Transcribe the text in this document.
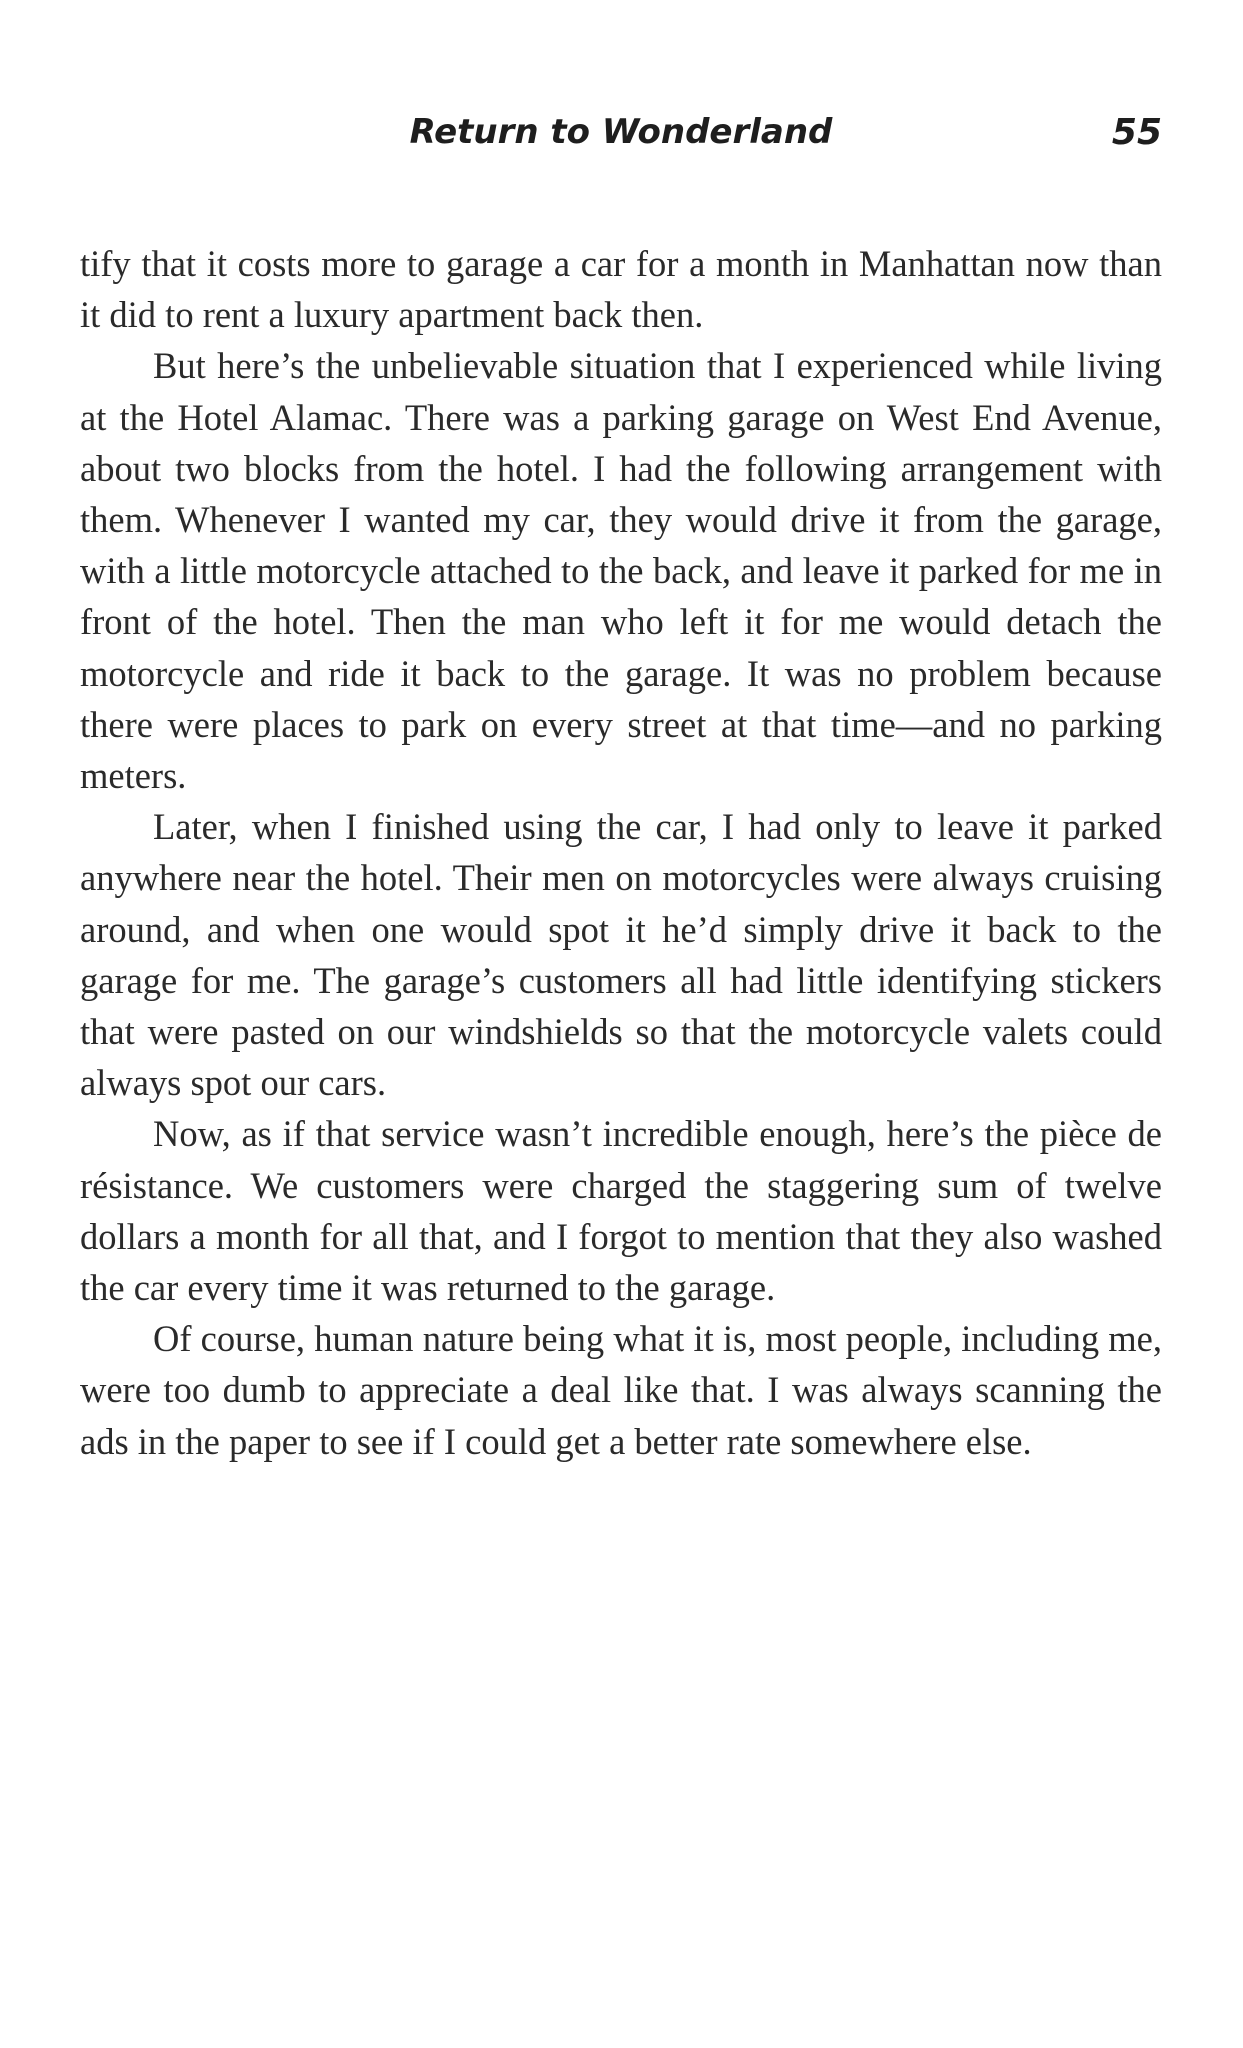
Return to Wonderland	55

tify that it costs more to garage a car for a month in Manhattan now than it did to rent a luxury apartment back then.

But here’s the unbelievable situation that I experienced while living at the Hotel Alamac. There was a parking garage on West End Avenue, about two blocks from the hotel. I had the following arrangement with them. Whenever I wanted my car, they would drive it from the garage, with a little motorcycle attached to the back, and leave it parked for me in front of the hotel. Then the man who left it for me would detach the motorcycle and ride it back to the garage. It was no problem because there were places to park on every street at that time—and no parking meters.

Later, when I finished using the car, I had only to leave it parked anywhere near the hotel. Their men on motorcycles were always cruising around, and when one would spot it he’d simply drive it back to the garage for me. The garage’s customers all had little identifying stickers that were pasted on our windshields so that the motorcycle valets could always spot our cars.

Now, as if that service wasn’t incredible enough, here’s the pièce de résistance. We customers were charged the staggering sum of twelve dollars a month for all that, and I forgot to mention that they also washed the car every time it was returned to the garage.

Of course, human nature being what it is, most people, including me, were too dumb to appreciate a deal like that. I was always scanning the ads in the paper to see if I could get a better rate somewhere else.
